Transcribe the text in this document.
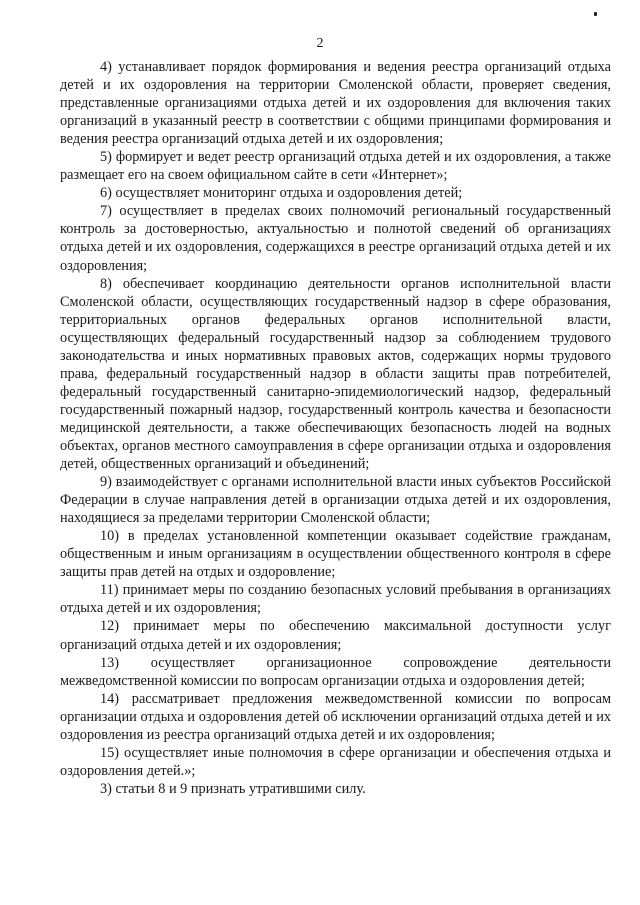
2

4) устанавливает порядок формирования и ведения реестра организаций отдыха детей и их оздоровления на территории Смоленской области, проверяет сведения, представленные организациями отдыха детей и их оздоровления для включения таких организаций в указанный реестр в соответствии с общими принципами формирования и ведения реестра организаций отдыха детей и их оздоровления;

5) формирует и ведет реестр организаций отдыха детей и их оздоровления, а также размещает его на своем официальном сайте в сети «Интернет»;

6) осуществляет мониторинг отдыха и оздоровления детей;

7) осуществляет в пределах своих полномочий региональный государственный контроль за достоверностью, актуальностью и полнотой сведений об организациях отдыха детей и их оздоровления, содержащихся в реестре организаций отдыха детей и их оздоровления;

8) обеспечивает координацию деятельности органов исполнительной власти Смоленской области, осуществляющих государственный надзор в сфере образования, территориальных органов федеральных органов исполнительной власти, осуществляющих федеральный государственный надзор за соблюдением трудового законодательства и иных нормативных правовых актов, содержащих нормы трудового права, федеральный государственный надзор в области защиты прав потребителей, федеральный государственный санитарно-эпидемиологический надзор, федеральный государственный пожарный надзор, государственный контроль качества и безопасности медицинской деятельности, а также обеспечивающих безопасность людей на водных объектах, органов местного самоуправления в сфере организации отдыха и оздоровления детей, общественных организаций и объединений;

9) взаимодействует с органами исполнительной власти иных субъектов Российской Федерации в случае направления детей в организации отдыха детей и их оздоровления, находящиеся за пределами территории Смоленской области;

10) в пределах установленной компетенции оказывает содействие гражданам, общественным и иным организациям в осуществлении общественного контроля в сфере защиты прав детей на отдых и оздоровление;

11) принимает меры по созданию безопасных условий пребывания в организациях отдыха детей и их оздоровления;

12) принимает меры по обеспечению максимальной доступности услуг организаций отдыха детей и их оздоровления;

13) осуществляет организационное сопровождение деятельности межведомственной комиссии по вопросам организации отдыха и оздоровления детей;

14) рассматривает предложения межведомственной комиссии по вопросам организации отдыха и оздоровления детей об исключении организаций отдыха детей и их оздоровления из реестра организаций отдыха детей и их оздоровления;

15) осуществляет иные полномочия в сфере организации и обеспечения отдыха и оздоровления детей.»;

3) статьи 8 и 9 признать утратившими силу.
